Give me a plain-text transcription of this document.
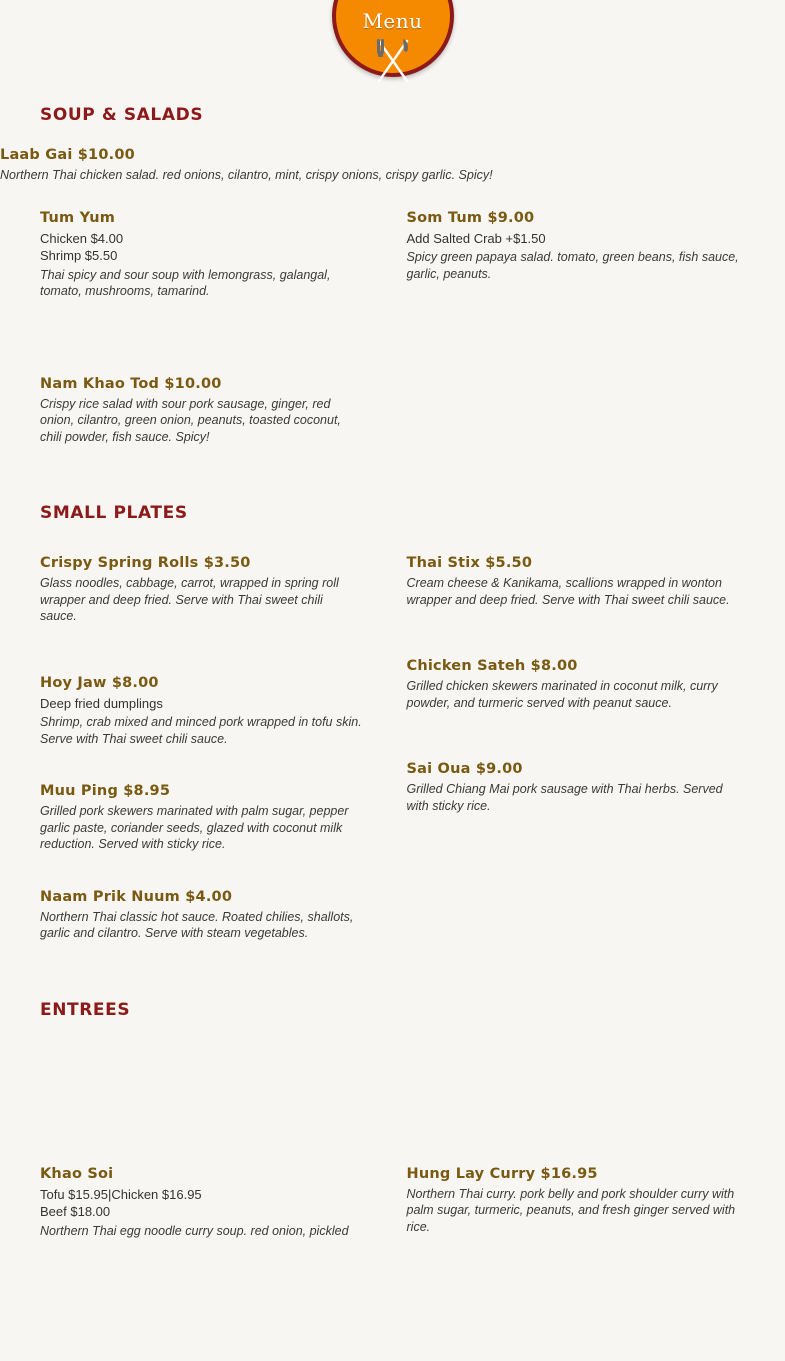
Menu
SOUP & SALADS
Laab Gai $10.00
Northern Thai chicken salad. red onions, cilantro, mint, crispy onions, crispy garlic. Spicy!
Tum Yum
Chicken $4.00
Shrimp $5.50
Thai spicy and sour soup with lemongrass, galangal, tomato, mushrooms, tamarind.
Nam Khao Tod $10.00
Crispy rice salad with sour pork sausage, ginger, red onion, cilantro, green onion, peanuts, toasted coconut, chili powder, fish sauce. Spicy!
Som Tum $9.00
Add Salted Crab +$1.50
Spicy green papaya salad. tomato, green beans, fish sauce, garlic, peanuts.
SMALL PLATES
Crispy Spring Rolls $3.50
Glass noodles, cabbage, carrot, wrapped in spring roll wrapper and deep fried. Serve with Thai sweet chili sauce.
Hoy Jaw $8.00
Deep fried dumplings
Shrimp, crab mixed and minced pork wrapped in tofu skin. Serve with Thai sweet chili sauce.
Muu Ping $8.95
Grilled pork skewers marinated with palm sugar, pepper garlic paste, coriander seeds, glazed with coconut milk reduction. Served with sticky rice.
Naam Prik Nuum $4.00
Northern Thai classic hot sauce. Roated chilies, shallots, garlic and cilantro. Serve with steam vegetables.
Thai Stix $5.50
Cream cheese & Kanikama, scallions wrapped in wonton wrapper and deep fried. Serve with Thai sweet chili sauce.
Chicken Sateh $8.00
Grilled chicken skewers marinated in coconut milk, curry powder, and turmeric served with peanut sauce.
Sai Oua $9.00
Grilled Chiang Mai pork sausage with Thai herbs. Served with sticky rice.
ENTREES
Khao Soi
Tofu $15.95|Chicken $16.95
Beef $18.00
Northern Thai egg noodle curry soup. red onion, pickled
Hung Lay Curry $16.95
Northern Thai curry. pork belly and pork shoulder curry with palm sugar, turmeric, peanuts, and fresh ginger served with rice.
